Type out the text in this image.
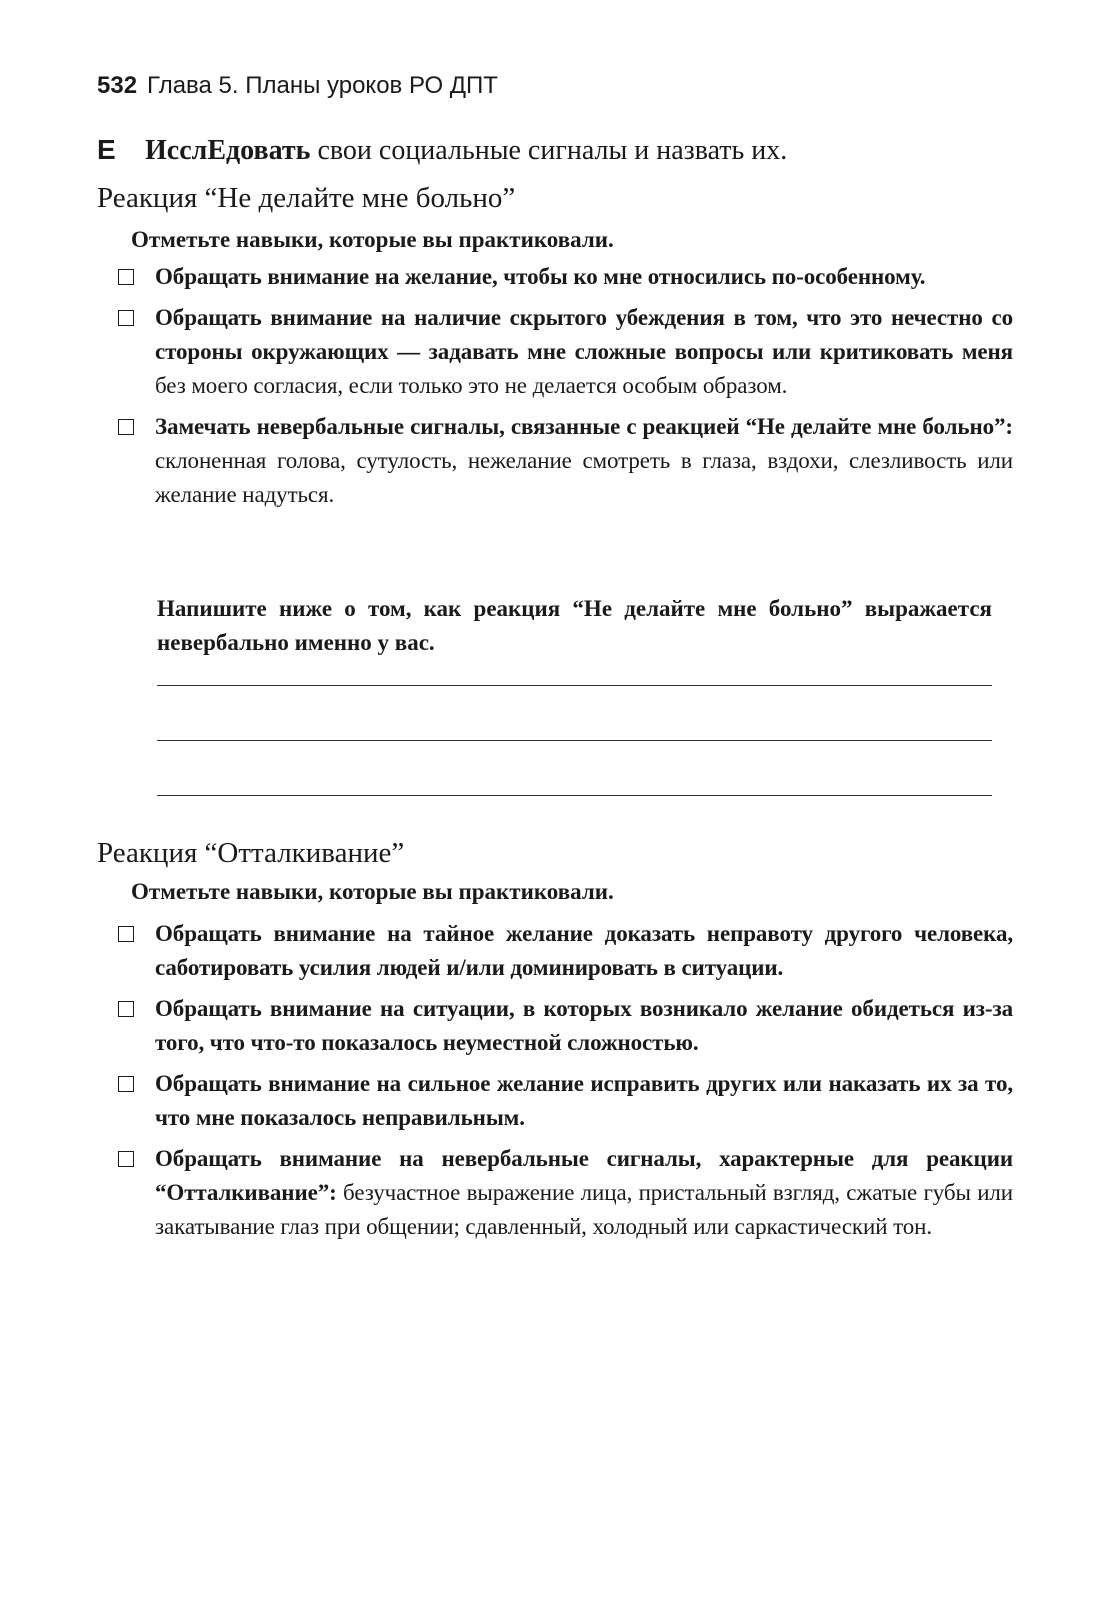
532 Глава 5. Планы уроков РО ДПТ
Е ИсслЕдовать свои социальные сигналы и назвать их.
Реакция “Не делайте мне больно”
Отметьте навыки, которые вы практиковали.
Обращать внимание на желание, чтобы ко мне относились по-особенному.
Обращать внимание на наличие скрытого убеждения в том, что это нечестно со стороны окружающих — задавать мне сложные вопросы или критиковать меня без моего согласия, если только это не делается особым образом.
Замечать невербальные сигналы, связанные с реакцией “Не делайте мне больно”: склоненная голова, сутулость, нежелание смотреть в глаза, вздохи, слезливость или желание надуться.
Напишите ниже о том, как реакция “Не делайте мне больно” выражается невербально именно у вас.
Реакция “Отталкивание”
Отметьте навыки, которые вы практиковали.
Обращать внимание на тайное желание доказать неправоту другого человека, саботировать усилия людей и/или доминировать в ситуации.
Обращать внимание на ситуации, в которых возникало желание обидеться из-за того, что что-то показалось неуместной сложностью.
Обращать внимание на сильное желание исправить других или наказать их за то, что мне показалось неправильным.
Обращать внимание на невербальные сигналы, характерные для реакции “Отталкивание”: безучастное выражение лица, пристальный взгляд, сжатые губы или закатывание глаз при общении; сдавленный, холодный или саркастический тон.
